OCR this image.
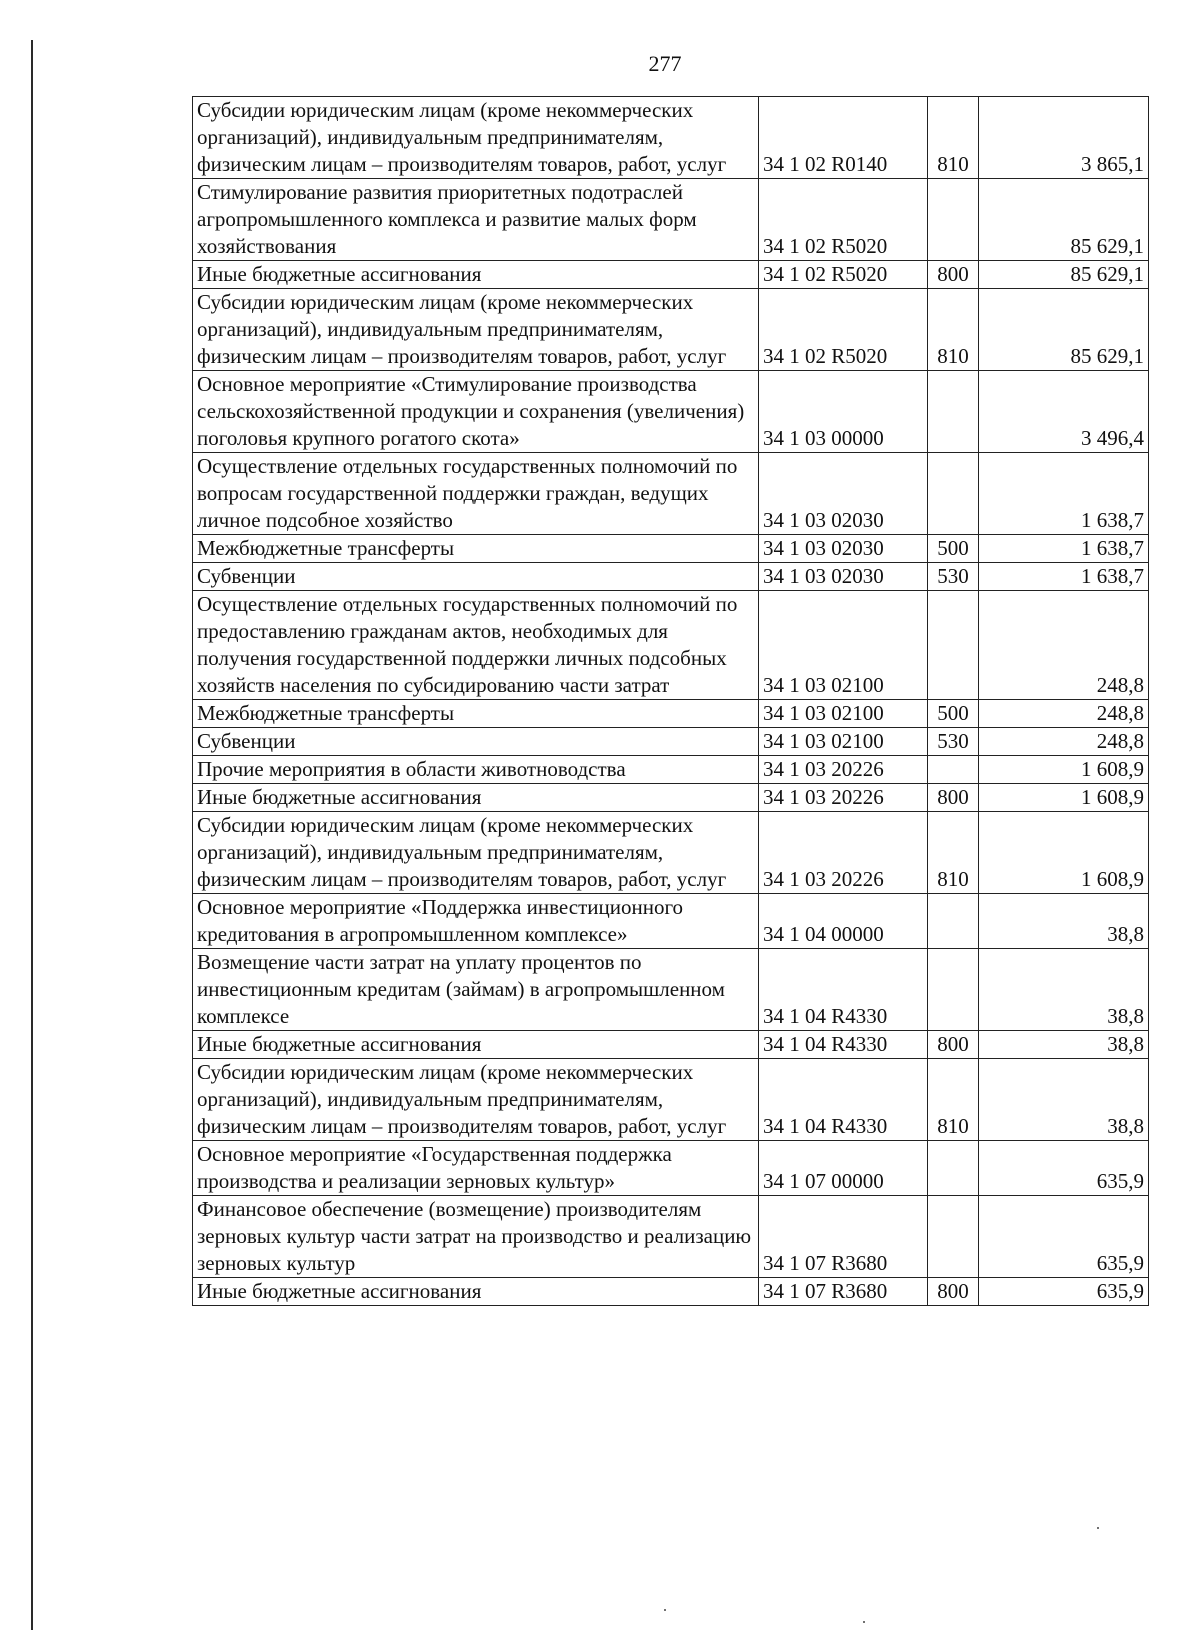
277
Субсидии юридическим лицам (кроме некоммерческих организаций), индивидуальным предпринимателям, физическим лицам – производителям товаров, работ, услуг	34 1 02 R0140	810	3 865,1
Стимулирование развития приоритетных подотраслей агропромышленного комплекса и развитие малых форм хозяйствования	34 1 02 R5020		85 629,1
Иные бюджетные ассигнования	34 1 02 R5020	800	85 629,1
Субсидии юридическим лицам (кроме некоммерческих организаций), индивидуальным предпринимателям, физическим лицам – производителям товаров, работ, услуг	34 1 02 R5020	810	85 629,1
Основное мероприятие «Стимулирование производства сельскохозяйственной продукции и сохранения (увеличения) поголовья крупного рогатого скота»	34 1 03 00000		3 496,4
Осуществление отдельных государственных полномочий по вопросам государственной поддержки граждан, ведущих личное подсобное хозяйство	34 1 03 02030		1 638,7
Межбюджетные трансферты	34 1 03 02030	500	1 638,7
Субвенции	34 1 03 02030	530	1 638,7
Осуществление отдельных государственных полномочий по предоставлению гражданам актов, необходимых для получения государственной поддержки личных подсобных хозяйств населения по субсидированию части затрат	34 1 03 02100		248,8
Межбюджетные трансферты	34 1 03 02100	500	248,8
Субвенции	34 1 03 02100	530	248,8
Прочие мероприятия в области животноводства	34 1 03 20226		1 608,9
Иные бюджетные ассигнования	34 1 03 20226	800	1 608,9
Субсидии юридическим лицам (кроме некоммерческих организаций), индивидуальным предпринимателям, физическим лицам – производителям товаров, работ, услуг	34 1 03 20226	810	1 608,9
Основное мероприятие «Поддержка инвестиционного кредитования в агропромышленном комплексе»	34 1 04 00000		38,8
Возмещение части затрат на уплату процентов по инвестиционным кредитам (займам) в агропромышленном комплексе	34 1 04 R4330		38,8
Иные бюджетные ассигнования	34 1 04 R4330	800	38,8
Субсидии юридическим лицам (кроме некоммерческих организаций), индивидуальным предпринимателям, физическим лицам – производителям товаров, работ, услуг	34 1 04 R4330	810	38,8
Основное мероприятие «Государственная поддержка производства и реализации зерновых культур»	34 1 07 00000		635,9
Финансовое обеспечение (возмещение) производителям зерновых культур части затрат на производство и реализацию зерновых культур	34 1 07 R3680		635,9
Иные бюджетные ассигнования	34 1 07 R3680	800	635,9
